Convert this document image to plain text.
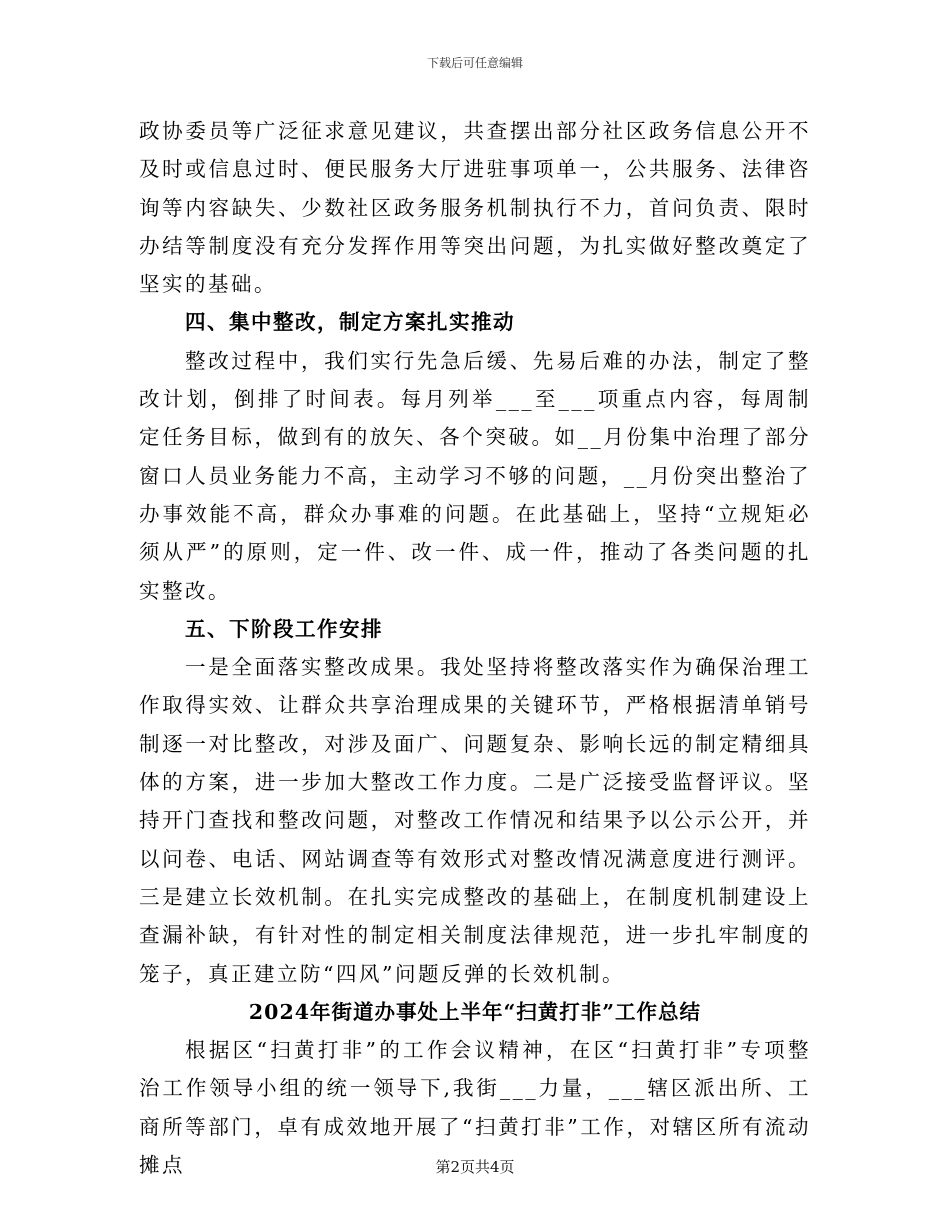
下载后可任意编辑

政协委员等广泛征求意见建议，共查摆出部分社区政务信息公开不及时或信息过时、便民服务大厅进驻事项单一，公共服务、法律咨询等内容缺失、少数社区政务服务机制执行不力，首问负责、限时办结等制度没有充分发挥作用等突出问题，为扎实做好整改奠定了坚实的基础。

四、集中整改，制定方案扎实推动

整改过程中，我们实行先急后缓、先易后难的办法，制定了整改计划，倒排了时间表。每月列举___至___项重点内容，每周制定任务目标，做到有的放矢、各个突破。如__月份集中治理了部分窗口人员业务能力不高，主动学习不够的问题，__月份突出整治了办事效能不高，群众办事难的问题。在此基础上，坚持“立规矩必须从严”的原则，定一件、改一件、成一件，推动了各类问题的扎实整改。

五、下阶段工作安排

一是全面落实整改成果。我处坚持将整改落实作为确保治理工作取得实效、让群众共享治理成果的关键环节，严格根据清单销号制逐一对比整改，对涉及面广、问题复杂、影响长远的制定精细具体的方案，进一步加大整改工作力度。二是广泛接受监督评议。坚持开门查找和整改问题，对整改工作情况和结果予以公示公开，并以问卷、电话、网站调查等有效形式对整改情况满意度进行测评。三是建立长效机制。在扎实完成整改的基础上，在制度机制建设上查漏补缺，有针对性的制定相关制度法律规范，进一步扎牢制度的笼子，真正建立防“四风”问题反弹的长效机制。

2024年街道办事处上半年“扫黄打非”工作总结

根据区“扫黄打非”的工作会议精神，在区“扫黄打非”专项整治工作领导小组的统一领导下,我街___力量，___辖区派出所、工商所等部门，卓有成效地开展了“扫黄打非”工作，对辖区所有流动摊点	第2页共4页
